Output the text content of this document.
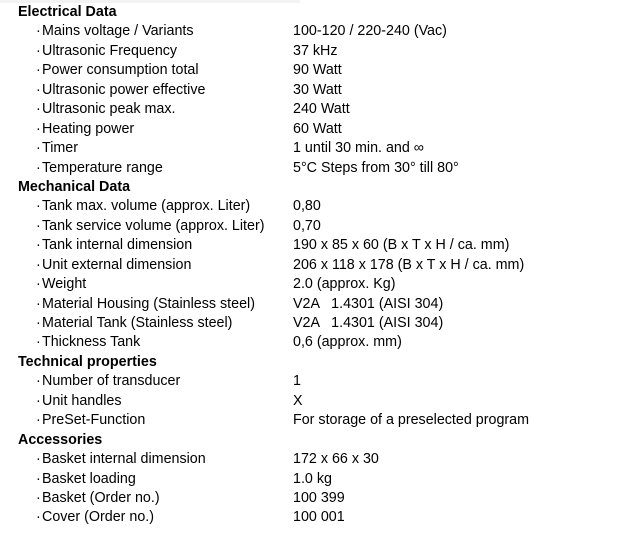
Electrical Data
· Mains voltage / Variants	100-120 / 220-240 (Vac)
· Ultrasonic Frequency	37 kHz
· Power consumption total	90 Watt
· Ultrasonic power effective	30 Watt
· Ultrasonic peak max.	240 Watt
· Heating power	60 Watt
· Timer	1 until 30 min. and ∞
· Temperature range	5°C Steps from 30° till 80°
Mechanical Data
· Tank max. volume (approx. Liter)	0,80
· Tank service volume (approx. Liter) 0,70
· Tank internal dimension	190 x 85 x 60 (B x T x H / ca. mm)
· Unit external dimension	206 x 118 x 178 (B x T x H / ca. mm)
· Weight	2.0 (approx. Kg)
· Material Housing (Stainless steel)	V2A   1.4301 (AISI 304)
· Material Tank (Stainless steel)	V2A   1.4301 (AISI 304)
· Thickness Tank	0,6 (approx. mm)
Technical properties
· Number of transducer	1
· Unit handles	X
· PreSet-Function	For storage of a preselected program
Accessories
· Basket internal dimension	172 x 66 x 30
· Basket loading	1.0 kg
· Basket (Order no.)	100 399
· Cover (Order no.)	100 001
